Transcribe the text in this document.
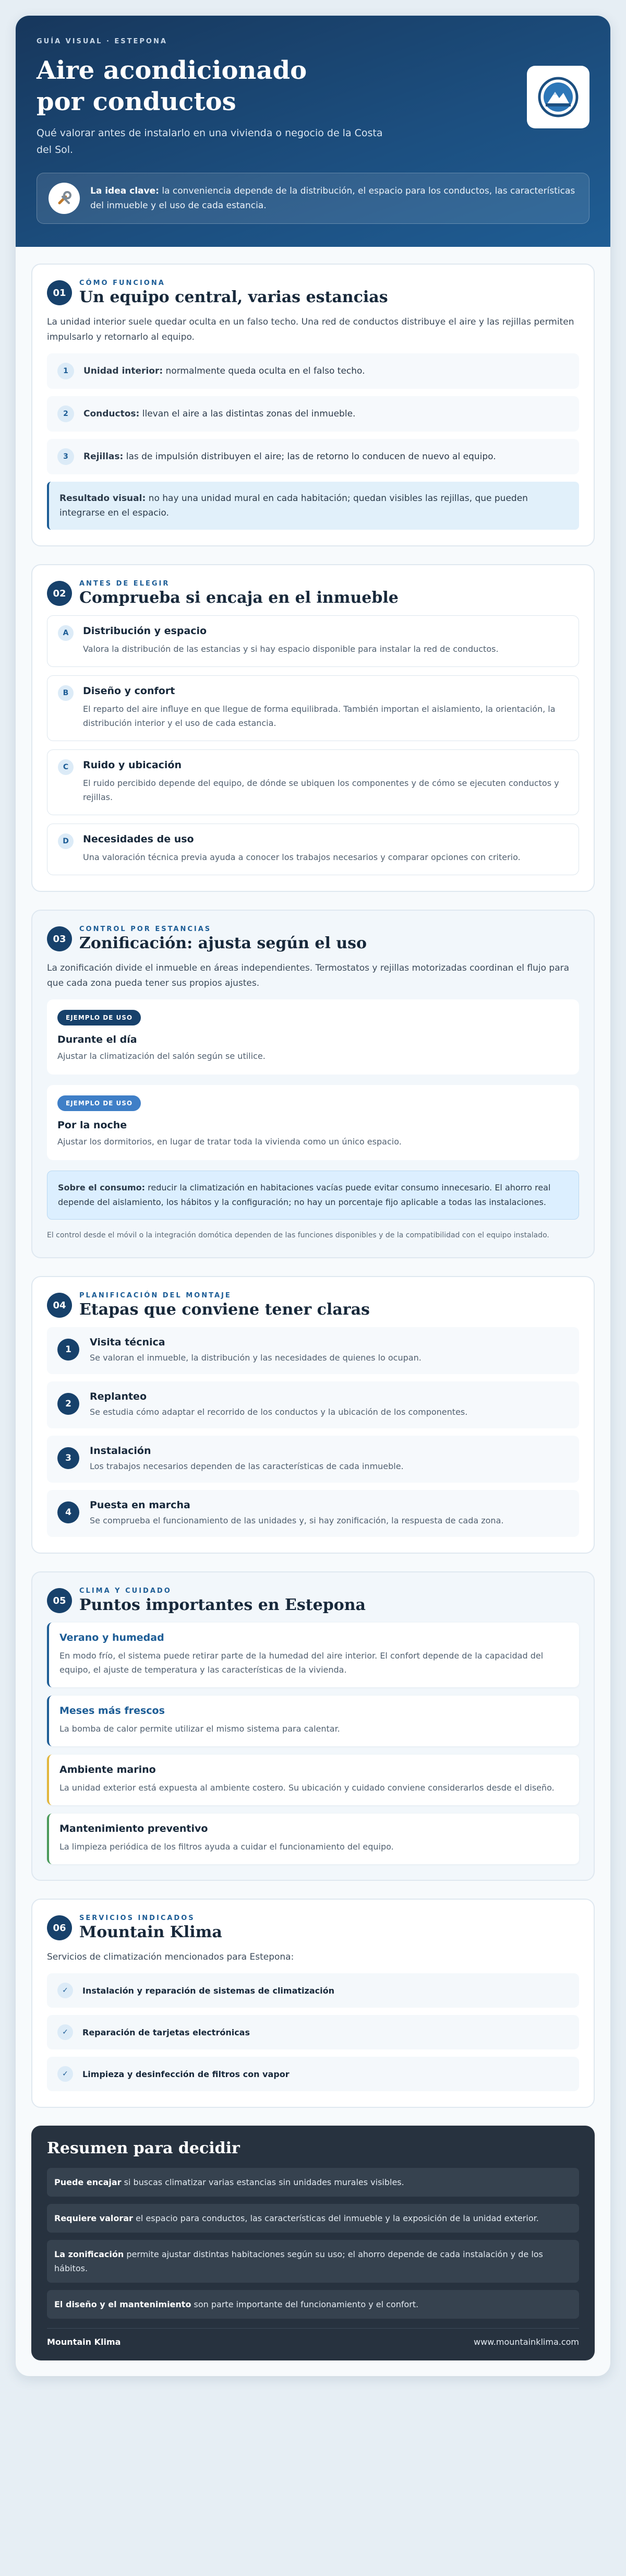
GUÍA VISUAL · ESTEPONA
Aire acondicionado
por conductos

Qué valorar antes de instalarlo en una vivienda o negocio de la Costa del Sol.

La idea clave: la conveniencia depende de la distribución, el espacio para los conductos, las características del inmueble y el uso de cada estancia.

01
CÓMO FUNCIONA
Un equipo central, varias estancias

La unidad interior suele quedar oculta en un falso techo. Una red de conductos distribuye el aire y las rejillas permiten impulsarlo y retornarlo al equipo.

1	Unidad interior: normalmente queda oculta en el falso techo.
2	Conductos: llevan el aire a las distintas zonas del inmueble.
3	Rejillas: las de impulsión distribuyen el aire; las de retorno lo conducen de nuevo al equipo.
Resultado visual: no hay una unidad mural en cada habitación; quedan visibles las rejillas, que pueden integrarse en el espacio.
02
ANTES DE ELEGIR
Comprueba si encaja en el inmueble
A	Distribución y espacio

Valora la distribución de las estancias y si hay espacio disponible para instalar la red de conductos.

B	Diseño y confort

El reparto del aire influye en que llegue de forma equilibrada. También importan el aislamiento, la orientación, la distribución interior y el uso de cada estancia.

C	Ruido y ubicación

El ruido percibido depende del equipo, de dónde se ubiquen los componentes y de cómo se ejecuten conductos y rejillas.

D	Necesidades de uso

Una valoración técnica previa ayuda a conocer los trabajos necesarios y comparar opciones con criterio.

03
CONTROL POR ESTANCIAS
Zonificación: ajusta según el uso

La zonificación divide el inmueble en áreas independientes. Termostatos y rejillas motorizadas coordinan el flujo para que cada zona pueda tener sus propios ajustes.

EJEMPLO DE USO
Durante el día

Ajustar la climatización del salón según se utilice.

EJEMPLO DE USO
Por la noche

Ajustar los dormitorios, en lugar de tratar toda la vivienda como un único espacio.

Sobre el consumo: reducir la climatización en habitaciones vacías puede evitar consumo innecesario. El ahorro real depende del aislamiento, los hábitos y la configuración; no hay un porcentaje fijo aplicable a todas las instalaciones.

El control desde el móvil o la integración domótica dependen de las funciones disponibles y de la compatibilidad con el equipo instalado.

04
PLANIFICACIÓN DEL MONTAJE
Etapas que conviene tener claras
1
Visita técnica

Se valoran el inmueble, la distribución y las necesidades de quienes lo ocupan.

2
Replanteo

Se estudia cómo adaptar el recorrido de los conductos y la ubicación de los componentes.

3
Instalación

Los trabajos necesarios dependen de las características de cada inmueble.

4
Puesta en marcha

Se comprueba el funcionamiento de las unidades y, si hay zonificación, la respuesta de cada zona.

05
CLIMA Y CUIDADO
Puntos importantes en Estepona
Verano y humedad

En modo frío, el sistema puede retirar parte de la humedad del aire interior. El confort depende de la capacidad del equipo, el ajuste de temperatura y las características de la vivienda.

Meses más frescos

La bomba de calor permite utilizar el mismo sistema para calentar.

Ambiente marino

La unidad exterior está expuesta al ambiente costero. Su ubicación y cuidado conviene considerarlos desde el diseño.

Mantenimiento preventivo

La limpieza periódica de los filtros ayuda a cuidar el funcionamiento del equipo.

06
SERVICIOS INDICADOS
Mountain Klima

Servicios de climatización mencionados para Estepona:

✓	Instalación y reparación de sistemas de climatización
✓	Reparación de tarjetas electrónicas
✓	Limpieza y desinfección de filtros con vapor
Resumen para decidir
Puede encajar si buscas climatizar varias estancias sin unidades murales visibles.
Requiere valorar el espacio para conductos, las características del inmueble y la exposición de la unidad exterior.
La zonificación permite ajustar distintas habitaciones según su uso; el ahorro depende de cada instalación y de los hábitos.
El diseño y el mantenimiento son parte importante del funcionamiento y el confort.
Mountain Klima	www.mountainklima.com
